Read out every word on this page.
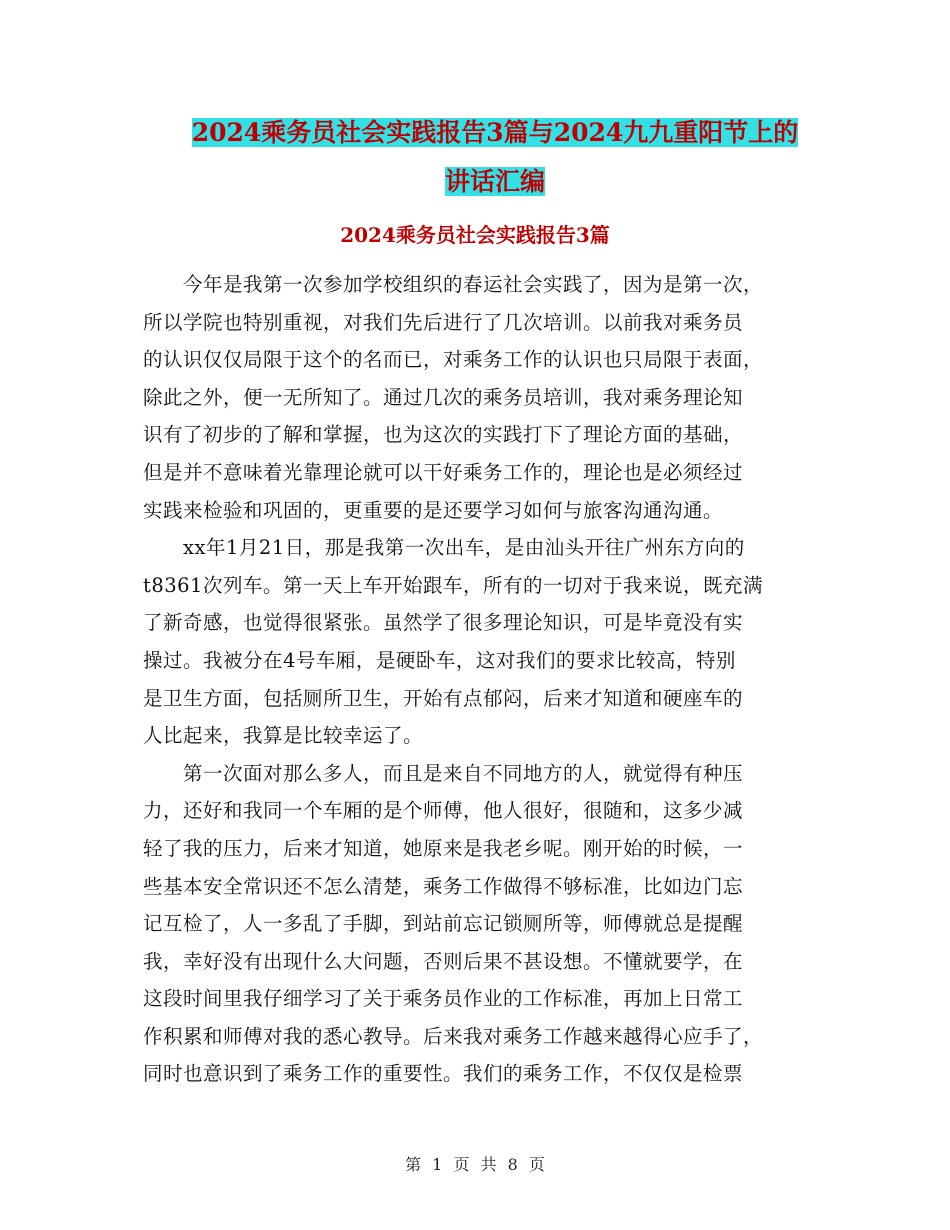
2024乘务员社会实践报告3篇与2024九九重阳节上的
讲话汇编
2024乘务员社会实践报告3篇

　　今年是我第一次参加学校组织的春运社会实践了，因为是第一次，
所以学院也特别重视，对我们先后进行了几次培训。以前我对乘务员
的认识仅仅局限于这个的名而已，对乘务工作的认识也只局限于表面，
除此之外，便一无所知了。通过几次的乘务员培训，我对乘务理论知
识有了初步的了解和掌握，也为这次的实践打下了理论方面的基础，
但是并不意味着光靠理论就可以干好乘务工作的，理论也是必须经过
实践来检验和巩固的，更重要的是还要学习如何与旅客沟通沟通。

　　xx年1月21日，那是我第一次出车，是由汕头开往广州东方向的
t8361次列车。第一天上车开始跟车，所有的一切对于我来说，既充满
了新奇感，也觉得很紧张。虽然学了很多理论知识，可是毕竟没有实
操过。我被分在4号车厢，是硬卧车，这对我们的要求比较高，特别
是卫生方面，包括厕所卫生，开始有点郁闷，后来才知道和硬座车的
人比起来，我算是比较幸运了。

　　第一次面对那么多人，而且是来自不同地方的人，就觉得有种压
力，还好和我同一个车厢的是个师傅，他人很好，很随和，这多少减
轻了我的压力，后来才知道，她原来是我老乡呢。刚开始的时候，一
些基本安全常识还不怎么清楚，乘务工作做得不够标准，比如边门忘
记互检了，人一多乱了手脚，到站前忘记锁厕所等，师傅就总是提醒
我，幸好没有出现什么大问题，否则后果不甚设想。不懂就要学，在
这段时间里我仔细学习了关于乘务员作业的工作标准，再加上日常工
作积累和师傅对我的悉心教导。后来我对乘务工作越来越得心应手了，
同时也意识到了乘务工作的重要性。我们的乘务工作，不仅仅是检票

第 1 页 共 8 页
